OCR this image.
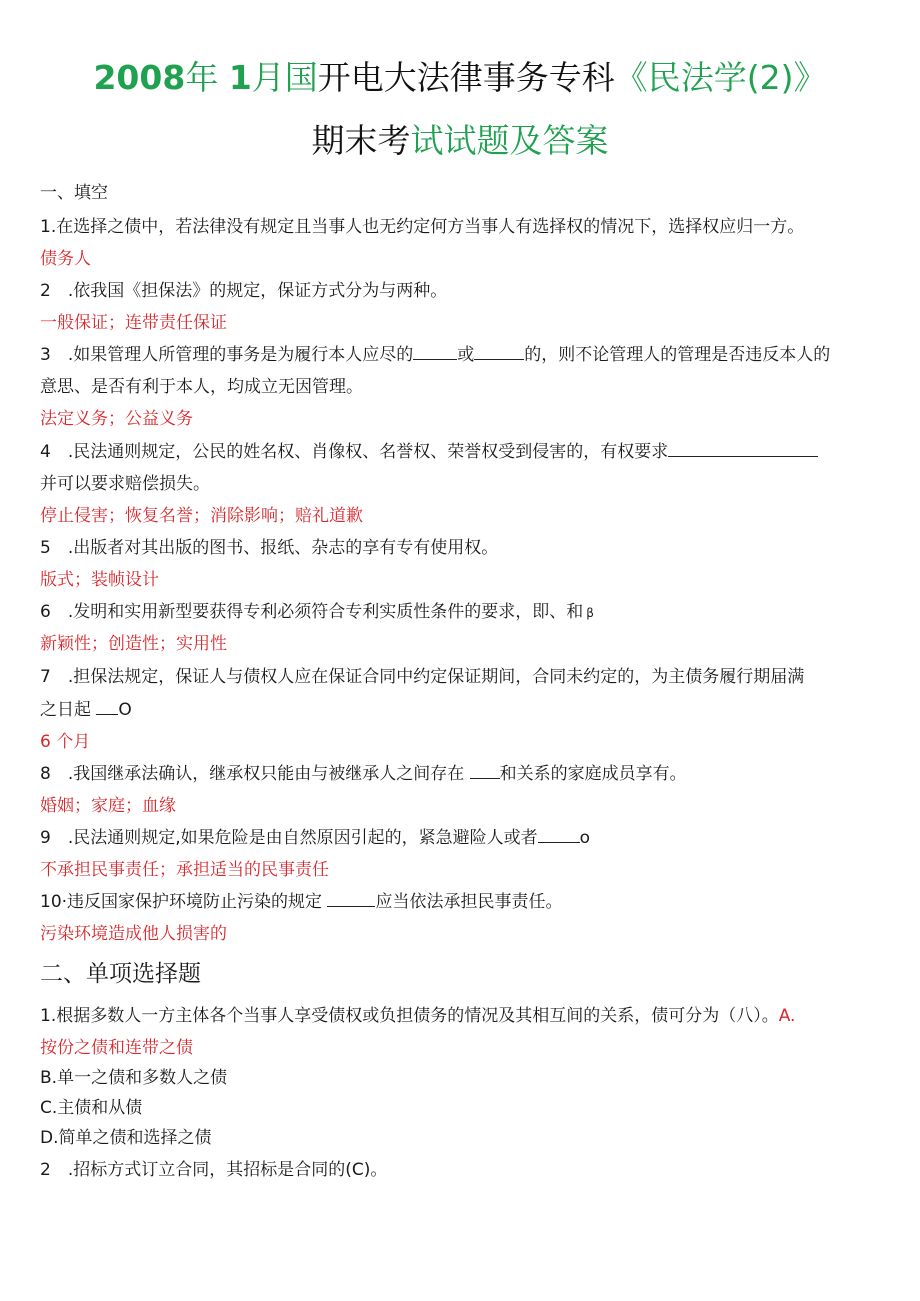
2008年 1月国开电大法律事务专科《民法学(2)》
期末考试试题及答案
一、填空
1.在选择之债中，若法律没有规定且当事人也无约定何方当事人有选择权的情况下，选择权应归一方。
债务人
2　.依我国《担保法》的规定，保证方式分为与两种。
一般保证；连带责任保证
3　.如果管理人所管理的事务是为履行本人应尽的	或	的，则不论管理人的管理是否违反本人的
意思、是否有利于本人，均成立无因管理。
法定义务；公益义务
4　.民法通则规定，公民的姓名权、肖像权、名誉权、荣誉权受到侵害的，有权要求
并可以要求赔偿损失。
停止侵害；恢复名誉；消除影响；赔礼道歉
5　.出版者对其出版的图书、报纸、杂志的享有专有使用权。
版式；装帧设计
6　.发明和实用新型要获得专利必须符合专利实质性条件的要求，即、和 β
新颖性；创造性；实用性
7　.担保法规定，保证人与债权人应在保证合同中约定保证期间，合同未约定的，为主债务履行期届满
之日起 O
6 个月
8　.我国继承法确认，继承权只能由与被继承人之间存在 和关系的家庭成员享有。
婚姻；家庭；血缘
9　.民法通则规定,如果危险是由自然原因引起的，紧急避险人或者 o
不承担民事责任；承担适当的民事责任
10·违反国家保护环境防止污染的规定	应当依法承担民事责任。
污染环境造成他人损害的
二、单项选择题
1.根据多数人一方主体各个当事人享受债权或负担债务的情况及其相互间的关系，债可分为（八）。A.
按份之债和连带之债
B.单一之债和多数人之债
C.主债和从债
D.简单之债和选择之债
2　.招标方式订立合同，其招标是合同的(C)。
